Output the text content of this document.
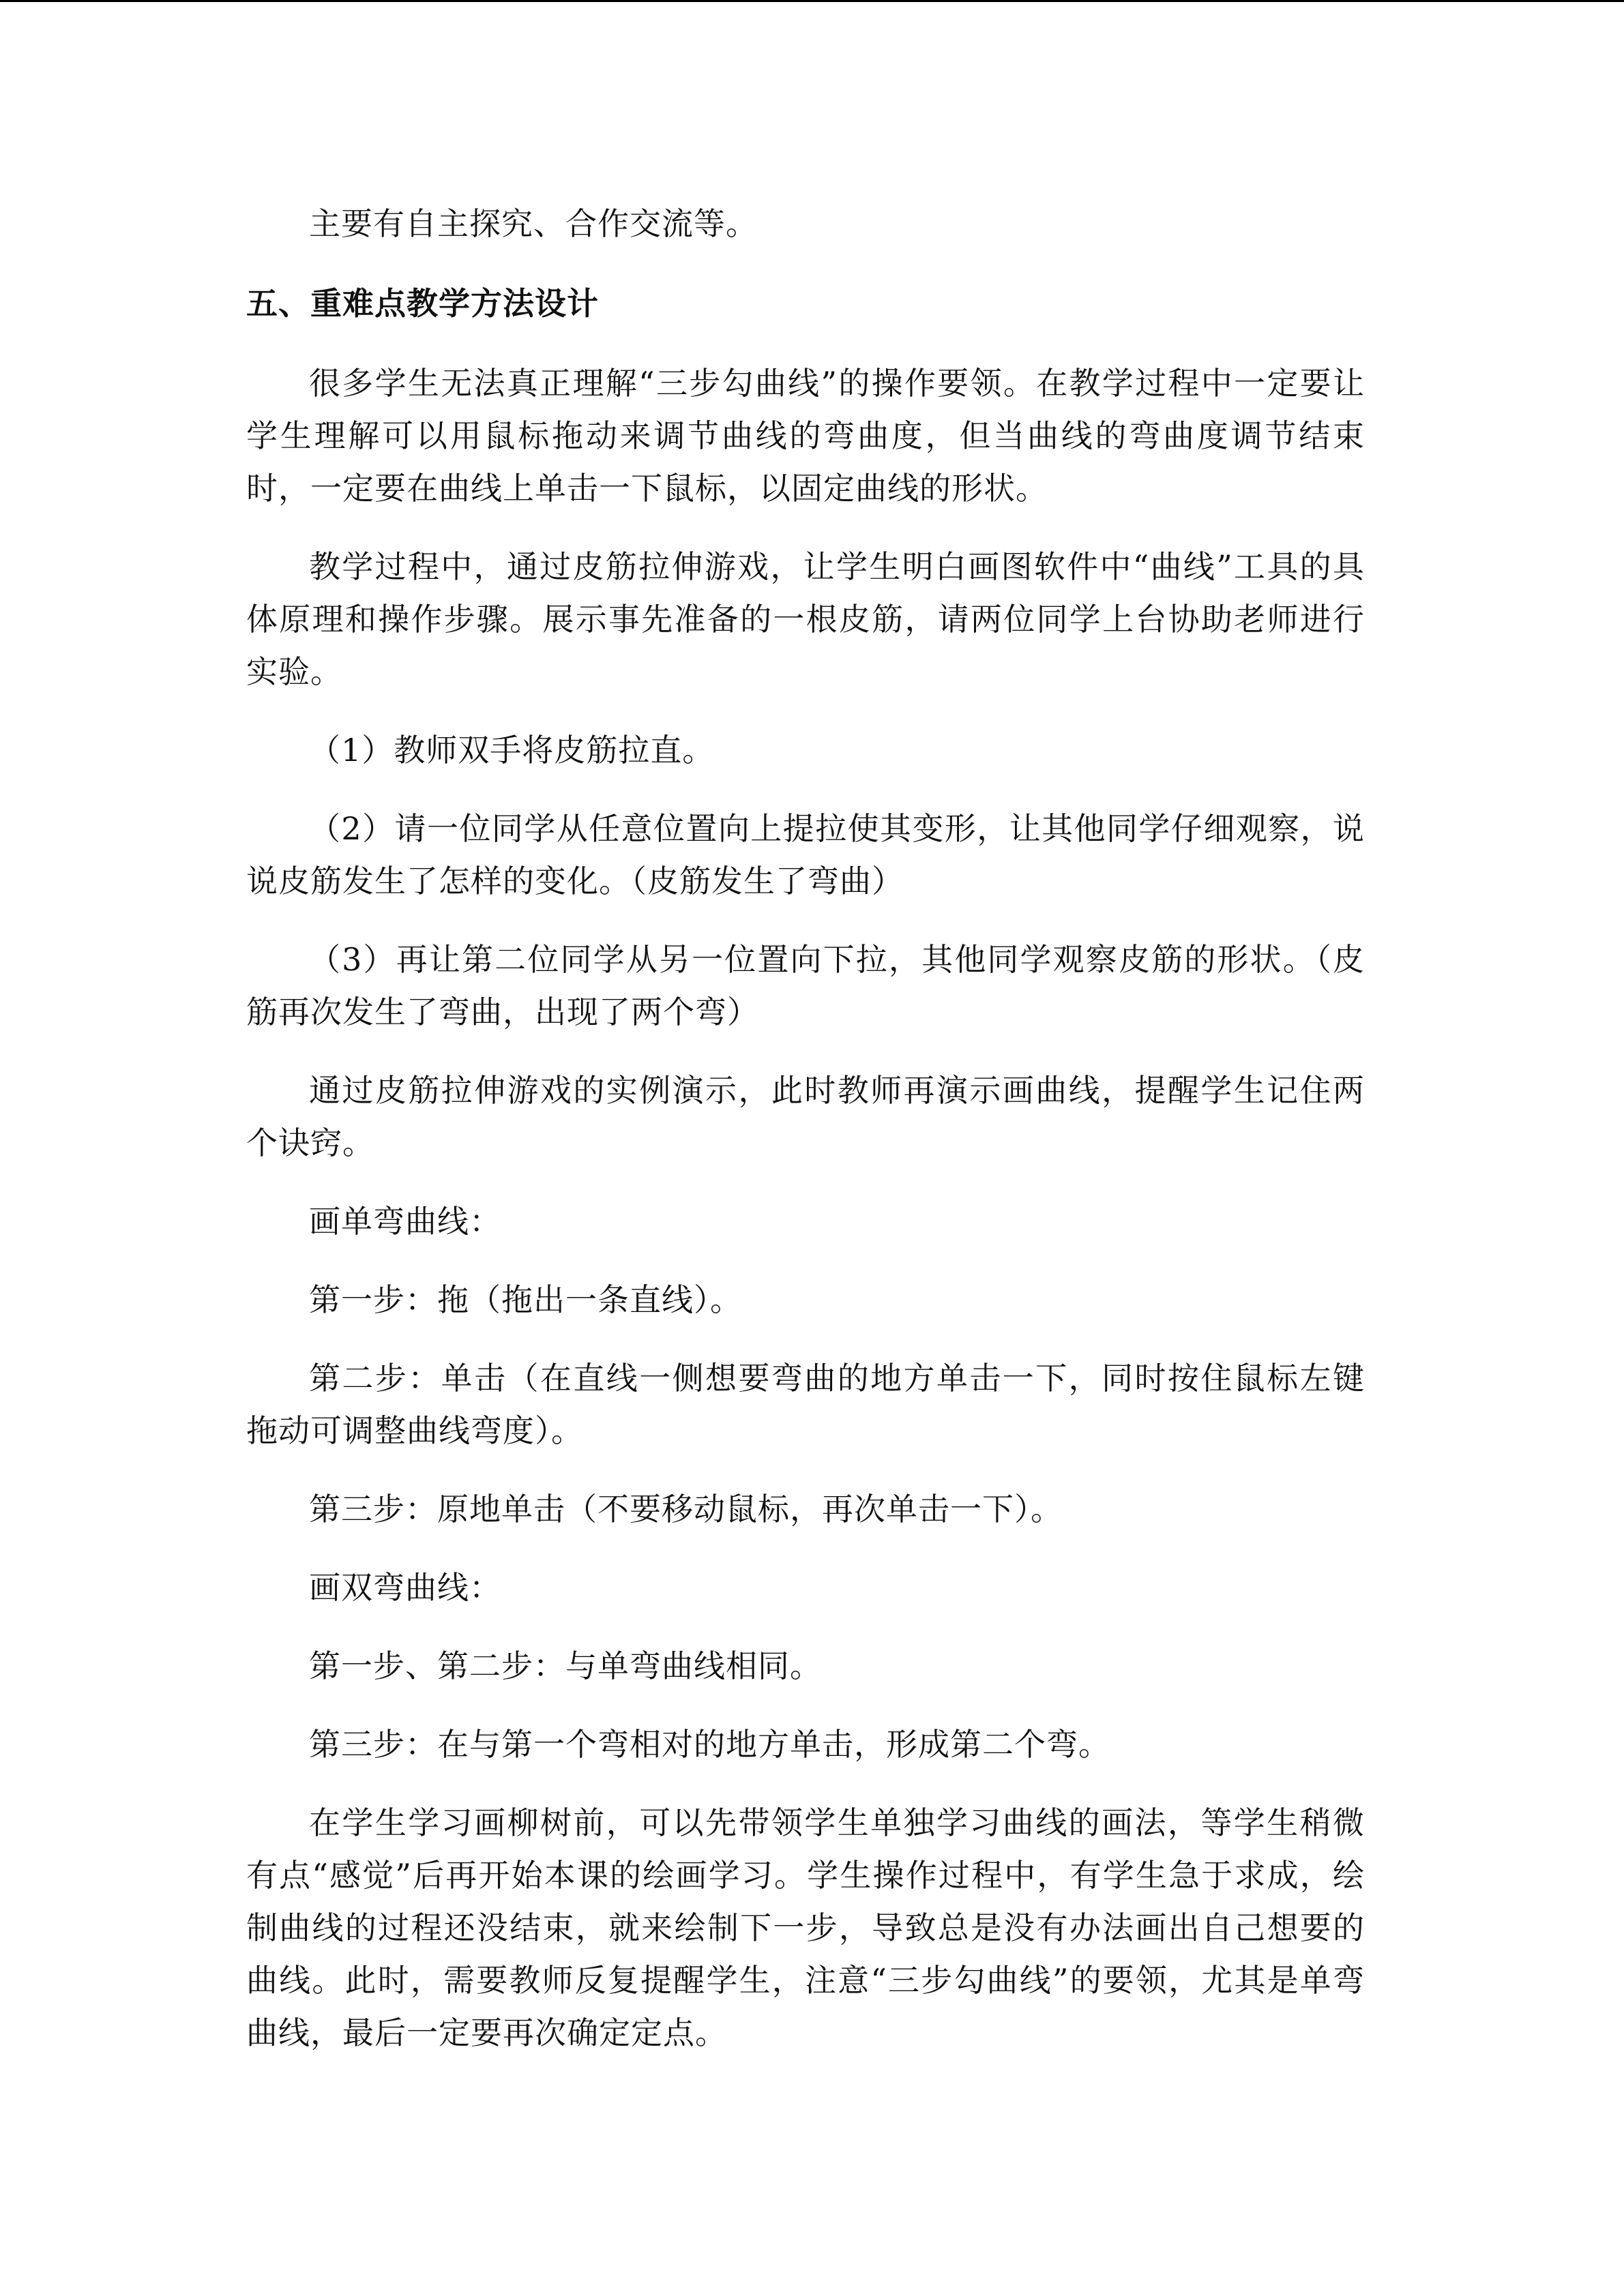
主要有自主探究、合作交流等。

五、重难点教学方法设计

很多学生无法真正理解“三步勾曲线”的操作要领。在教学过程中一定要让学生理解可以用鼠标拖动来调节曲线的弯曲度，但当曲线的弯曲度调节结束时，一定要在曲线上单击一下鼠标，以固定曲线的形状。

教学过程中，通过皮筋拉伸游戏，让学生明白画图软件中“曲线”工具的具体原理和操作步骤。展示事先准备的一根皮筋，请两位同学上台协助老师进行实验。

（1）教师双手将皮筋拉直。

（2）请一位同学从任意位置向上提拉使其变形，让其他同学仔细观察，说说皮筋发生了怎样的变化。（皮筋发生了弯曲）

（3）再让第二位同学从另一位置向下拉，其他同学观察皮筋的形状。（皮筋再次发生了弯曲，出现了两个弯）

通过皮筋拉伸游戏的实例演示，此时教师再演示画曲线，提醒学生记住两个诀窍。

画单弯曲线：

第一步：拖（拖出一条直线）。

第二步：单击（在直线一侧想要弯曲的地方单击一下，同时按住鼠标左键拖动可调整曲线弯度）。

第三步：原地单击（不要移动鼠标，再次单击一下）。

画双弯曲线：

第一步、第二步：与单弯曲线相同。

第三步：在与第一个弯相对的地方单击，形成第二个弯。

在学生学习画柳树前，可以先带领学生单独学习曲线的画法，等学生稍微有点“感觉”后再开始本课的绘画学习。学生操作过程中，有学生急于求成，绘制曲线的过程还没结束，就来绘制下一步，导致总是没有办法画出自己想要的曲线。此时，需要教师反复提醒学生，注意“三步勾曲线”的要领，尤其是单弯曲线，最后一定要再次确定定点。
